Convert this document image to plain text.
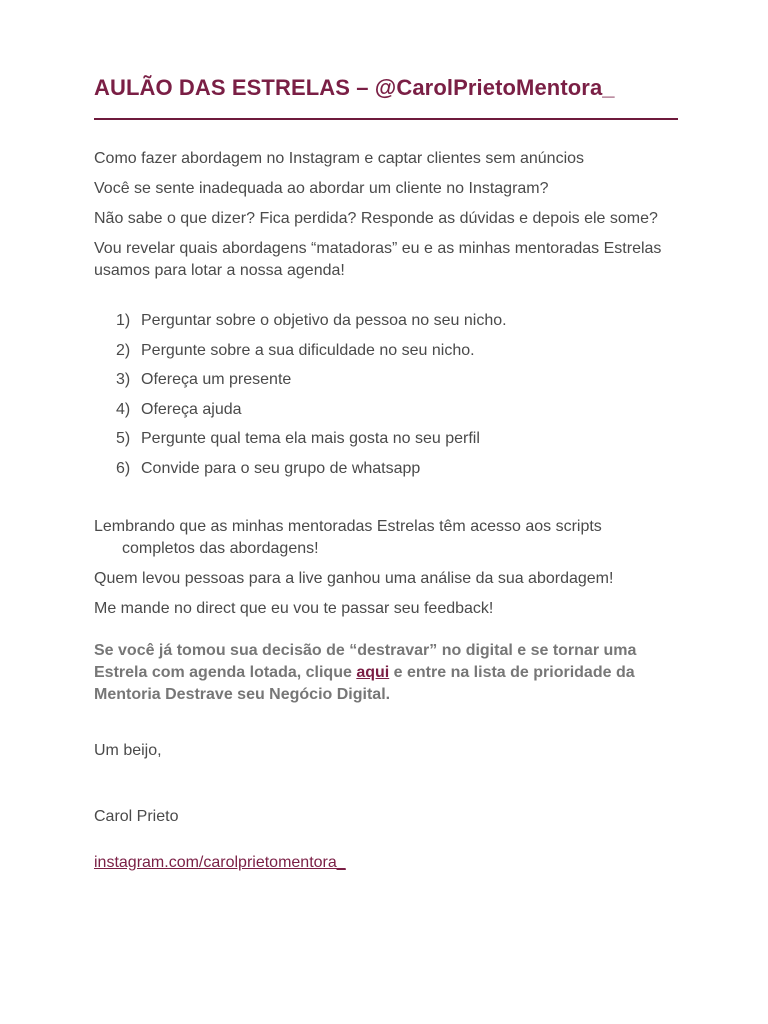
AULÃO DAS ESTRELAS – @CarolPrietoMentora_

Como fazer abordagem no Instagram e captar clientes sem anúncios

Você se sente inadequada ao abordar um cliente no Instagram?

Não sabe o que dizer? Fica perdida? Responde as dúvidas e depois ele some?

Vou revelar quais abordagens “matadoras” eu e as minhas mentoradas Estrelas usamos para lotar a nossa agenda!

1) Perguntar sobre o objetivo da pessoa no seu nicho.
2) Pergunte sobre a sua dificuldade no seu nicho.
3) Ofereça um presente
4) Ofereça ajuda
5) Pergunte qual tema ela mais gosta no seu perfil
6) Convide para o seu grupo de whatsapp

Lembrando que as minhas mentoradas Estrelas têm acesso aos scripts completos das abordagens!

Quem levou pessoas para a live ganhou uma análise da sua abordagem!

Me mande no direct que eu vou te passar seu feedback!

Se você já tomou sua decisão de “destravar” no digital e se tornar uma Estrela com agenda lotada, clique aqui e entre na lista de prioridade da Mentoria Destrave seu Negócio Digital.

Um beijo,

Carol Prieto

instagram.com/carolprietomentora_
